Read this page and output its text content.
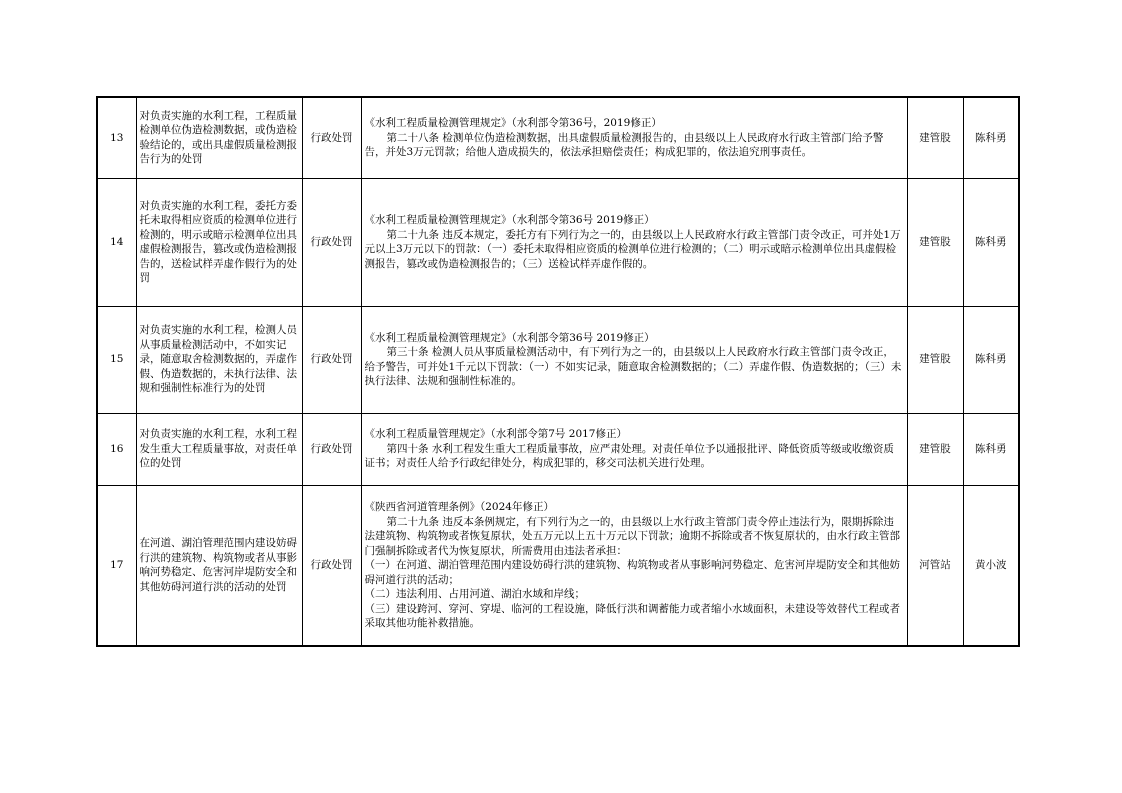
13	对负责实施的水利工程，工程质量检测单位伪造检测数据，或伪造检验结论的，或出具虚假质量检测报告行为的处罚	行政处罚	《水利工程质量检测管理规定》（水利部令第36号，2019修正）
第二十八条 检测单位伪造检测数据，出具虚假质量检测报告的，由县级以上人民政府水行政主管部门给予警告，并处3万元罚款；给他人造成损失的，依法承担赔偿责任；构成犯罪的，依法追究刑事责任。	建管股	陈科勇
14	对负责实施的水利工程，委托方委托未取得相应资质的检测单位进行检测的，明示或暗示检测单位出具虚假检测报告，篡改或伪造检测报告的，送检试样弄虚作假行为的处罚	行政处罚	《水利工程质量检测管理规定》（水利部令第36号 2019修正）
第二十九条 违反本规定，委托方有下列行为之一的，由县级以上人民政府水行政主管部门责令改正，可并处1万元以上3万元以下的罚款：（一）委托未取得相应资质的检测单位进行检测的；（二）明示或暗示检测单位出具虚假检测报告，篡改或伪造检测报告的；（三）送检试样弄虚作假的。	建管股	陈科勇
15	对负责实施的水利工程，检测人员从事质量检测活动中，不如实记录，随意取舍检测数据的，弄虚作假、伪造数据的，未执行法律、法规和强制性标准行为的处罚	行政处罚	《水利工程质量检测管理规定》（水利部令第36号 2019修正）
第三十条 检测人员从事质量检测活动中，有下列行为之一的，由县级以上人民政府水行政主管部门责令改正，给予警告，可并处1千元以下罚款：（一）不如实记录，随意取舍检测数据的；（二）弄虚作假、伪造数据的；（三）未执行法律、法规和强制性标准的。	建管股	陈科勇
16	对负责实施的水利工程，水利工程发生重大工程质量事故，对责任单位的处罚	行政处罚	《水利工程质量管理规定》（水利部令第7号 2017修正）
第四十条 水利工程发生重大工程质量事故，应严肃处理。对责任单位予以通报批评、降低资质等级或收缴资质证书；对责任人给予行政纪律处分，构成犯罪的，移交司法机关进行处理。	建管股	陈科勇
17	在河道、湖泊管理范围内建设妨碍行洪的建筑物、构筑物或者从事影响河势稳定、危害河岸堤防安全和其他妨碍河道行洪的活动的处罚	行政处罚	《陕西省河道管理条例》（2024年修正）
第二十九条 违反本条例规定，有下列行为之一的，由县级以上水行政主管部门责令停止违法行为，限期拆除违法建筑物、构筑物或者恢复原状，处五万元以上五十万元以下罚款；逾期不拆除或者不恢复原状的，由水行政主管部门强制拆除或者代为恢复原状，所需费用由违法者承担：
（一）在河道、湖泊管理范围内建设妨碍行洪的建筑物、构筑物或者从事影响河势稳定、危害河岸堤防安全和其他妨碍河道行洪的活动；
（二）违法利用、占用河道、湖泊水域和岸线；
（三）建设跨河、穿河、穿堤、临河的工程设施，降低行洪和调蓄能力或者缩小水域面积，未建设等效替代工程或者采取其他功能补救措施。	河管站	黄小波
